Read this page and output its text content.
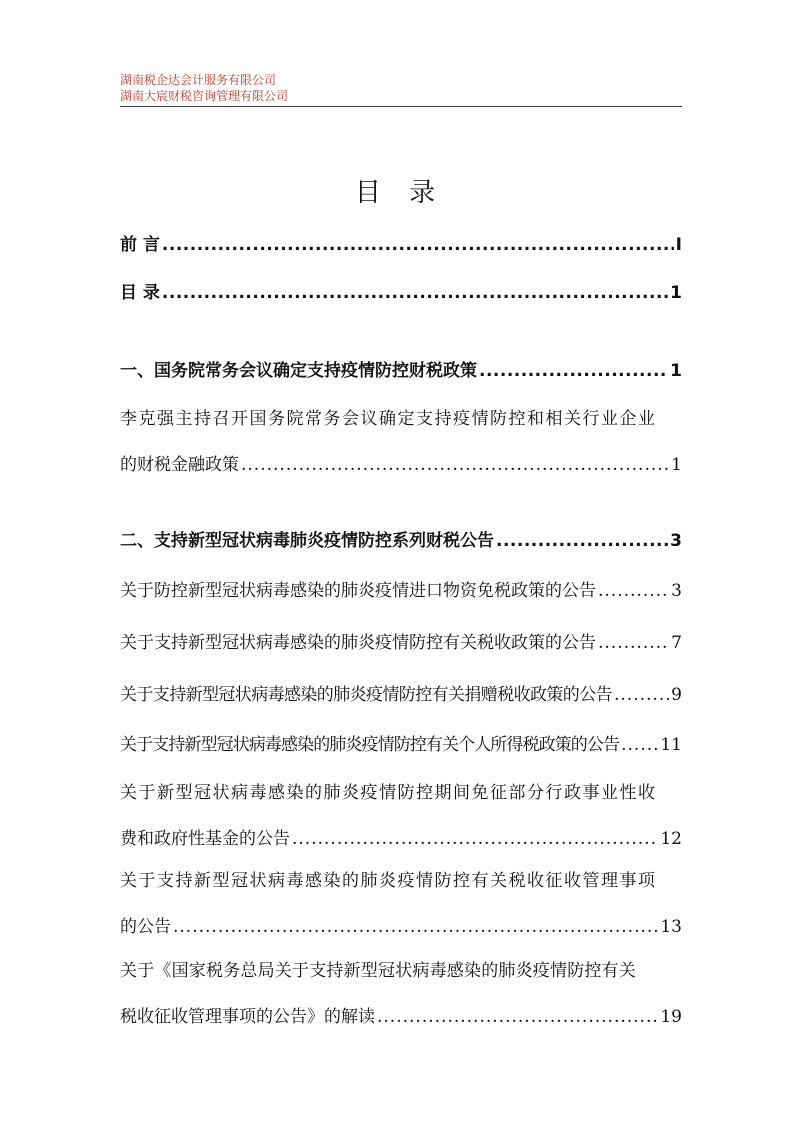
湖南税企达会计服务有限公司
湖南大宸财税咨询管理有限公司
目 录
前 言 .....	I
目 录 .....	1
一、国务院常务会议确定支持疫情防控财税政策 .....	1
李克强主持召开国务院常务会议确定支持疫情防控和相关行业企业
的财税金融政策 .....	1
二、支持新型冠状病毒肺炎疫情防控系列财税公告 .....	3
关于防控新型冠状病毒感染的肺炎疫情进口物资免税政策的公告 .....	3
关于支持新型冠状病毒感染的肺炎疫情防控有关税收政策的公告 .....	7
关于支持新型冠状病毒感染的肺炎疫情防控有关捐赠税收政策的公告 .....	9
关于支持新型冠状病毒感染的肺炎疫情防控有关个人所得税政策的公告 ..... 11
关于新型冠状病毒感染的肺炎疫情防控期间免征部分行政事业性收
费和政府性基金的公告 .....	12
关于支持新型冠状病毒感染的肺炎疫情防控有关税收征收管理事项
的公告 .....	13
关于《国家税务总局关于支持新型冠状病毒感染的肺炎疫情防控有关
税收征收管理事项的公告》的解读 .....	19
